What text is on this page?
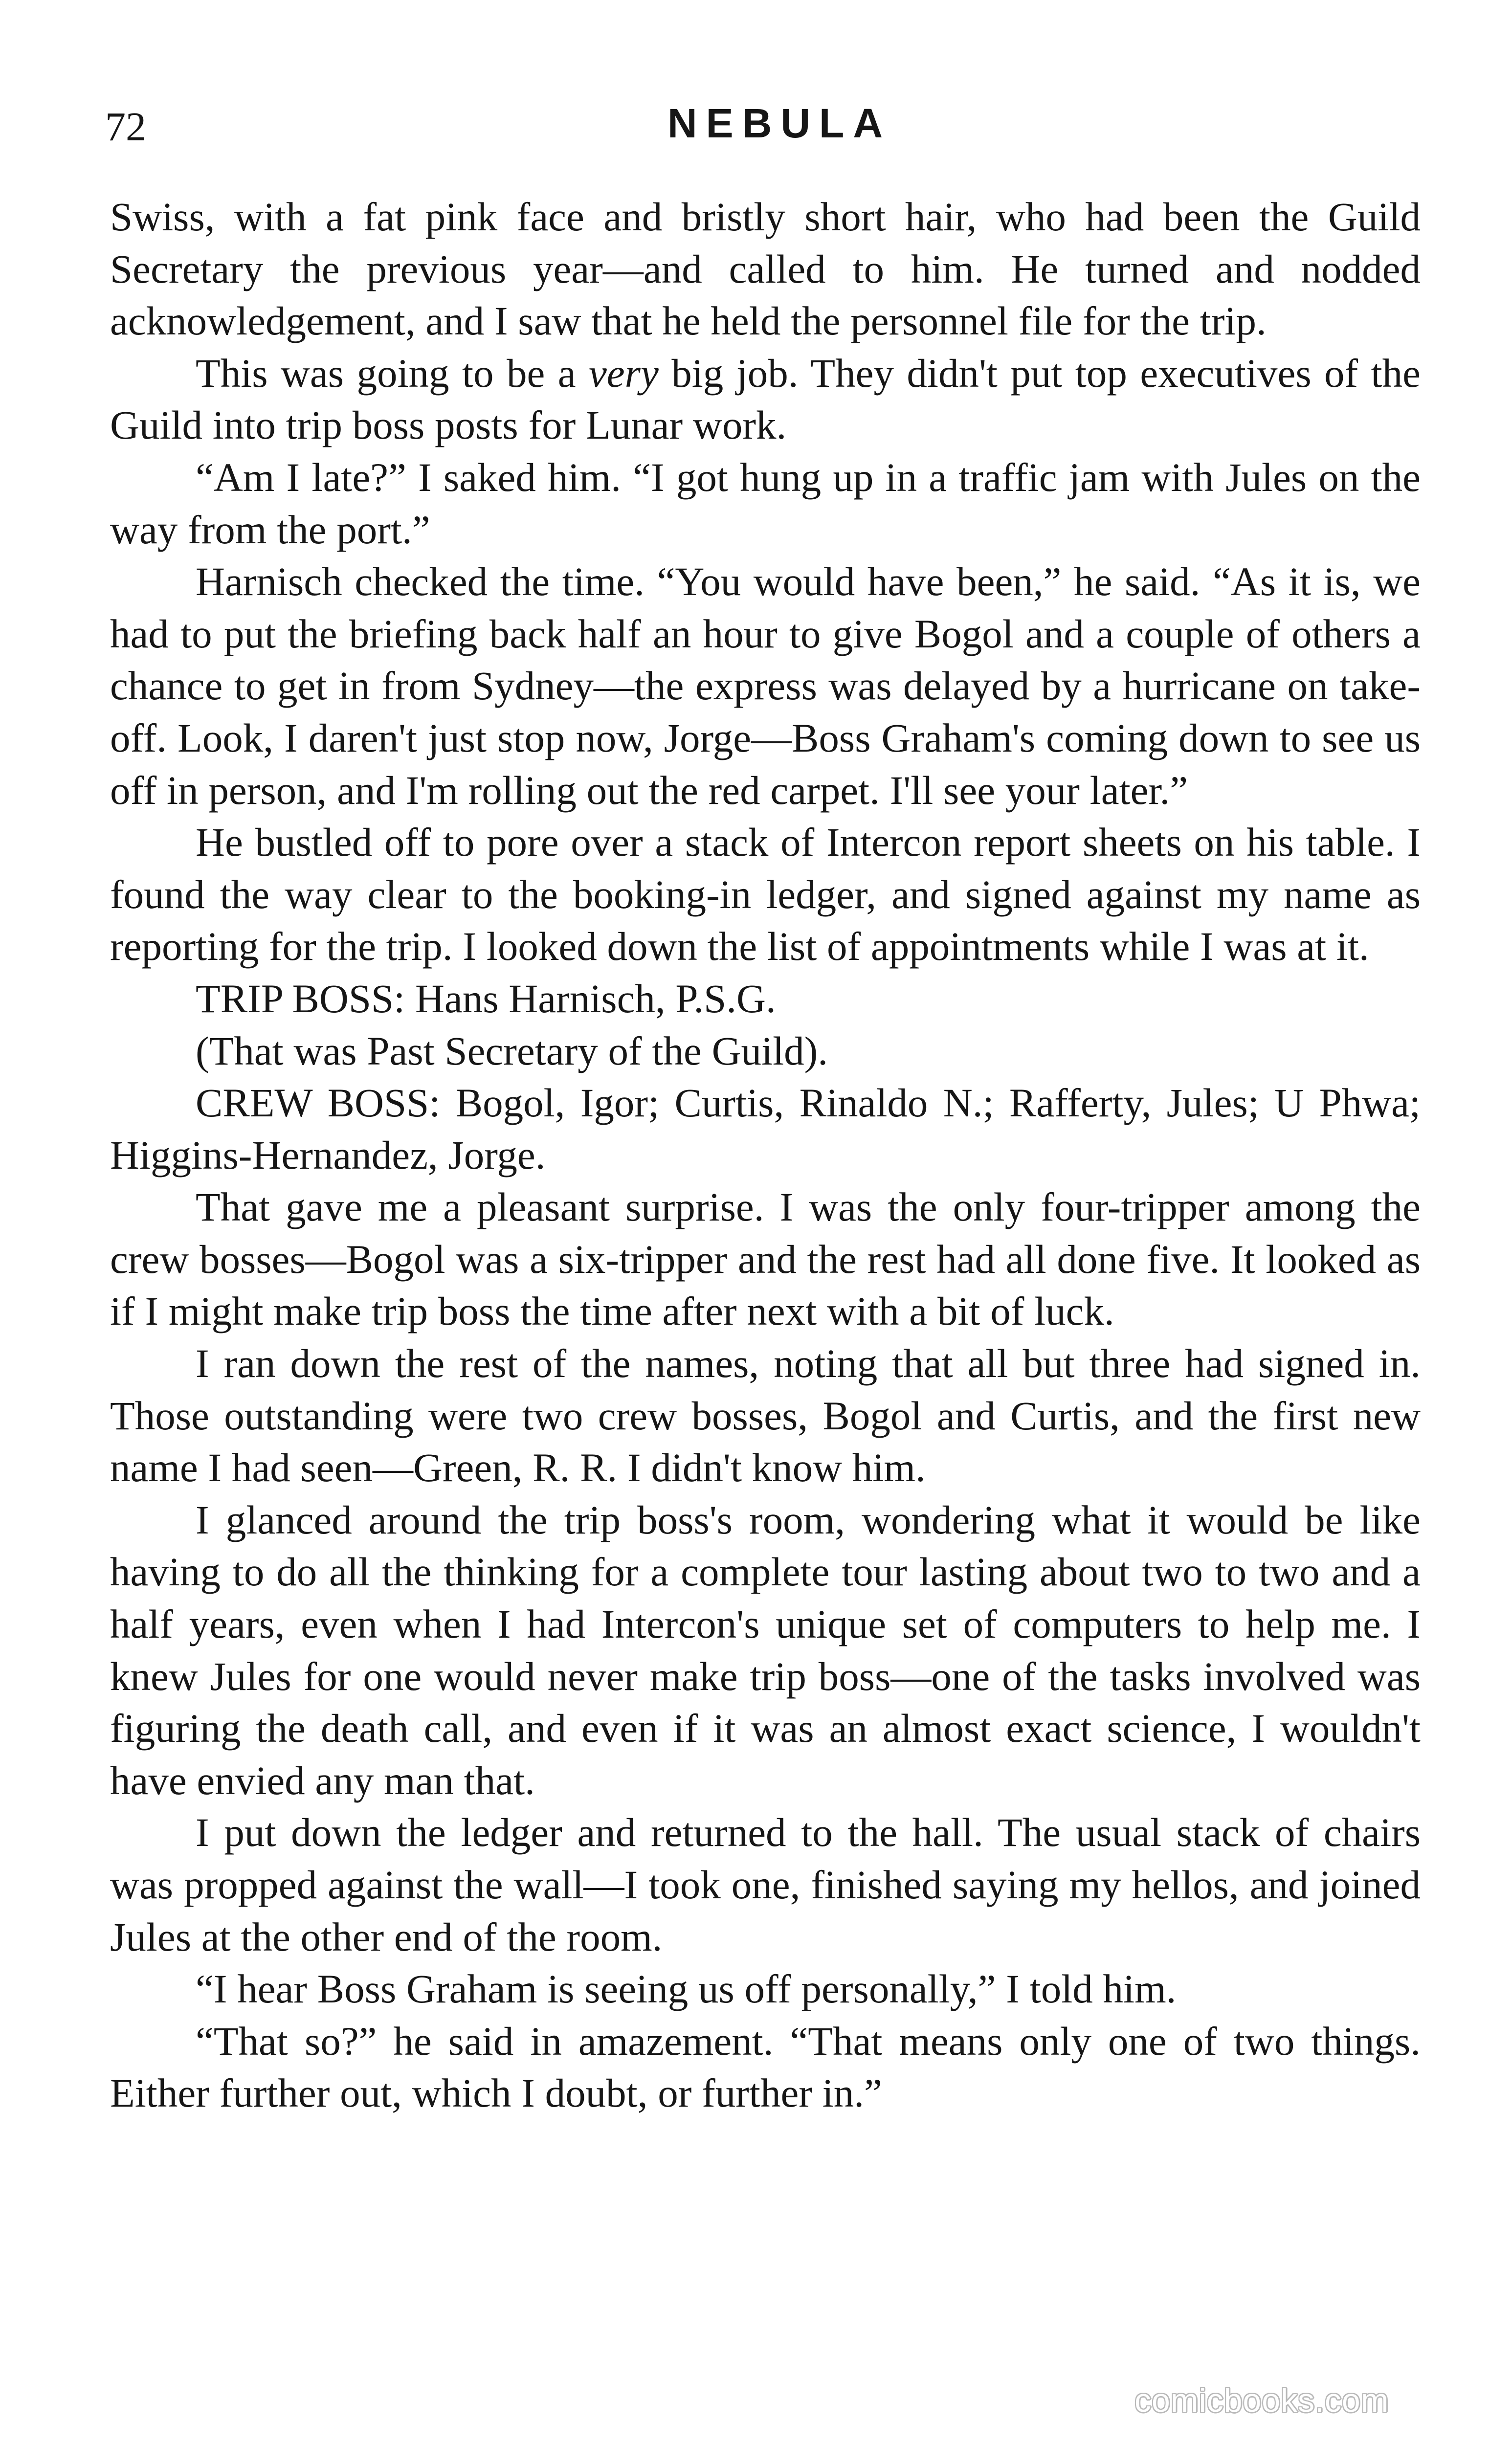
72	NEBULA

Swiss, with a fat pink face and bristly short hair, who had been the Guild Secretary the previous year—and called to him. He turned and nodded acknowledgement, and I saw that he held the personnel file for the trip.

This was going to be a very big job. They didn't put top executives of the Guild into trip boss posts for Lunar work.

“Am I late?” I saked him. “I got hung up in a traffic jam with Jules on the way from the port.”

Harnisch checked the time. “You would have been,” he said. “As it is, we had to put the briefing back half an hour to give Bogol and a couple of others a chance to get in from Sydney—the express was delayed by a hurricane on take-off. Look, I daren't just stop now, Jorge—Boss Graham's coming down to see us off in person, and I'm rolling out the red carpet. I'll see your later.”

He bustled off to pore over a stack of Intercon report sheets on his table. I found the way clear to the booking-in ledger, and signed against my name as reporting for the trip. I looked down the list of appointments while I was at it.

TRIP BOSS: Hans Harnisch, P.S.G.

(That was Past Secretary of the Guild).

CREW BOSS: Bogol, Igor; Curtis, Rinaldo N.; Rafferty, Jules; U Phwa; Higgins-Hernandez, Jorge.

That gave me a pleasant surprise. I was the only four-tripper among the crew bosses—Bogol was a six-tripper and the rest had all done five. It looked as if I might make trip boss the time after next with a bit of luck.

I ran down the rest of the names, noting that all but three had signed in. Those outstanding were two crew bosses, Bogol and Curtis, and the first new name I had seen—Green, R. R. I didn't know him.

I glanced around the trip boss's room, wondering what it would be like having to do all the thinking for a complete tour lasting about two to two and a half years, even when I had Intercon's unique set of computers to help me. I knew Jules for one would never make trip boss—one of the tasks involved was figuring the death call, and even if it was an almost exact science, I wouldn't have envied any man that.

I put down the ledger and returned to the hall. The usual stack of chairs was propped against the wall—I took one, finished saying my hellos, and joined Jules at the other end of the room.

“I hear Boss Graham is seeing us off personally,” I told him.

“That so?” he said in amazement. “That means only one of two things. Either further out, which I doubt, or further in.”

comicbooks.com
